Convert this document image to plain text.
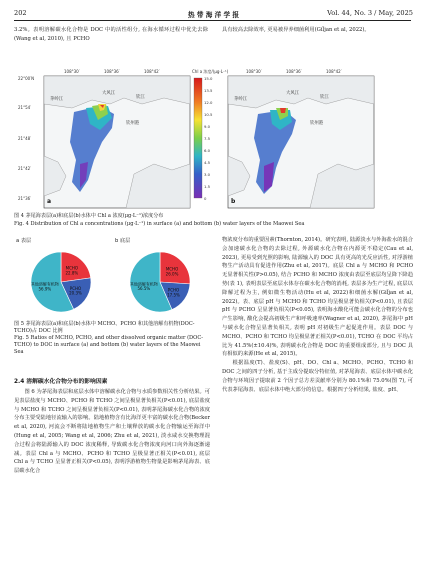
202	热 带 海 洋 学 报	Vol. 44, No. 3 / May, 2025
3.2%。表明溶解碳水化合物是 DOC 中的活性组分, 在海水循环过程中优先去除(Wang et al, 2010), 且 PCHO
具有较高去除效率, 更易被异养细菌利用(Gil̈jan et al, 2022)。
大风江
钦江
茅岭江
钦州港
a
108°30′	108°36′	108°42′
22°00′N
21°54′
21°48′
21°42′
21°36′
Chl a 浓度/(μg·L⁻¹)
15.0
13.5
12.0
10.5
9.0
7.5
6.0
4.5
3.0
1.5
0
大风江
钦江
茅岭江
钦州港
b
108°30′	108°36′	108°42′
图 4 茅尾海表层(a)和底层(b)水体中 Chl a 浓度(μg·L⁻¹)浓度分布
Fig. 4 Distribution of Chl a concentrations (μg·L⁻¹) in surface (a) and bottom (b) water layers of the Maowei Sea
a 表层
MCHO 22.8%
PCHO 20.3%
其他溶解有机物 56.9%
b 底层
MCHO 26.0%
PCHO 17.5%
其他溶解有机物 56.5%
图 5 茅尾海表层(a)和底层(b)水体中 MCHO、PCHO 和其他溶解有机物(DOC-TCHO)占 DOC 比例
Fig. 5 Ratios of MCHO, PCHO, and other dissolved organic matter (DOC-TCHO) to DOC in surface (a) and bottom (b) water layers of the Maowei Sea
2.4 溶解碳水化合物分布的影响因素

图 6 为茅尾海表层和底层水体中溶解碳水化合物与水质参数相关性分析结果。可见表层盐度与 MCHO、PCHO 和 TCHO 之间呈极显著负相关(P<0.01), 底层盐度与 MCHO 和 TCHO 之间呈极显著负相关(P<0.01), 表明茅尾海碳水化合物的浓度分布主要受陆地径流输入的影响。陆地植物含有比海洋更丰富的碳水化合物(Becker et al, 2020), 河流会不断将陆地植物生产和土壤释放的碳水化合物输运至海洋中(Hung et al, 2005; Wang et al, 2006; Zhu et al, 2021), 淡水咸水交换物理混合过程会将陆源输入的 DOC 浓度稀释, 导致碳水化合物浓度向河口向外海逐渐递减。表层 Chl a 与 MCHO、PCHO 和 TCHO 呈极显著正相关(P<0.01), 底层 Chl a 与 TCHO 呈显著正相关(P<0.05), 表明浮游植物生物量是影响茅尾海表、底层碳水化合

物浓度分布的重要因素(Thornton, 2014)。研究表明, 陆源淡水与外海盐水的混合会加速碳水化合物的去除过程, 外源碳水化合物在内源更不稳定(Cau et al, 2023), 更易受到光照的影响, 陆源输入的 DOC 具有更高的光反应活性, 对浮游植物生产活动具有促进作用(Zhu et al, 2017)。底层 Chl a 与 MCHO 和 PCHO 无显著相关性(P>0.05), 结合 PCHO 和 MCHO 浓度由表层至底层均呈降下降趋势(表 1), 表明表层至底层水体存在碳水化合物的消耗, 表层多为生产过程, 底层以降解过程为主, 例如微生物活动(Hu et al, 2022)和细菌水解(Gil̈jan et al, 2022)。表、底层 pH 与 MCHO 和 TCHO 均呈极显著负相关(P<0.01), 且表层 pH 与 PCHO 呈显著负相关(P<0.05), 表明海水酸化可能会碳水化合物的分布也产生影响, 酸化会提高初级生产和呼吸速率(Wagner et al, 2020), 茅尾海中 pH 与碳水化合物呈显著负相关, 表明 pH 对初级生产起促进作用。表层 DOC 与 MCHO、PCHO 和 TCHO 均呈极显著正相关(P<0.01), TCHO 在 DOC 平均占比为 41.5%(±10.4)%, 表明碳水化合物是 DOC 的重要组成部分, 且与 DOC 具有相似的来源(He et al, 2015)。

根据温度(T)、盐度(S)、pH、DO、Chl a、MCHO、PCHO、TCHO 和 DOC 之间的四子分析, 基于主成分提取分特征值, 对茅尾海表、底层水体中碳水化合物与环境因子提取前 2 个因子总方差贡献率分别为 80.1%和 75.0%(图 7), 可代表茅尾海表、底层水体中绝大部分的信息。根据四子分析结果, 盐度、pH、
